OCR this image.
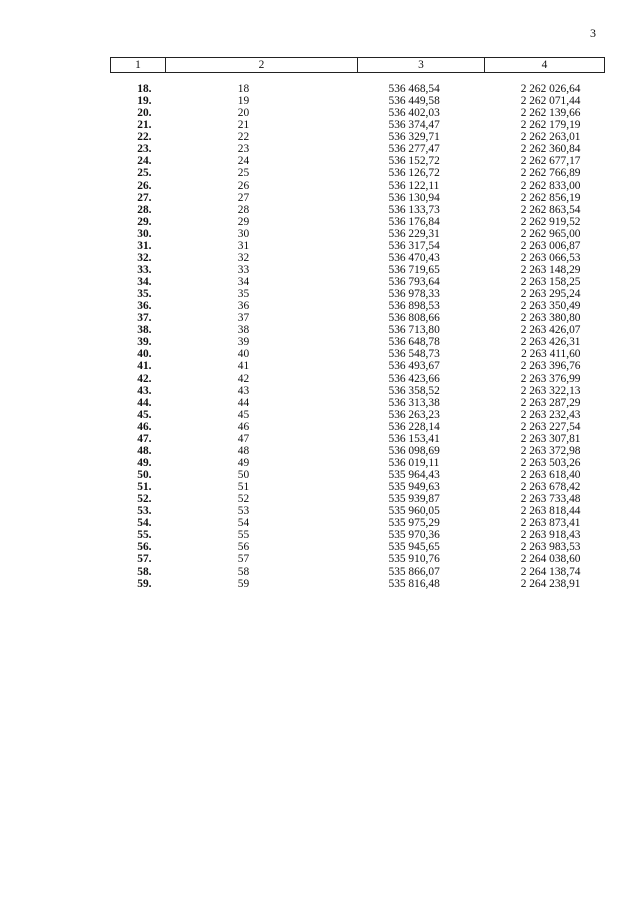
3
1	2	3	4

18.	18	536 468,54	2 262 026,64
19.	19	536 449,58	2 262 071,44
20.	20	536 402,03	2 262 139,66
21.	21	536 374,47	2 262 179,19
22.	22	536 329,71	2 262 263,01
23.	23	536 277,47	2 262 360,84
24.	24	536 152,72	2 262 677,17
25.	25	536 126,72	2 262 766,89
26.	26	536 122,11	2 262 833,00
27.	27	536 130,94	2 262 856,19
28.	28	536 133,73	2 262 863,54
29.	29	536 176,84	2 262 919,52
30.	30	536 229,31	2 262 965,00
31.	31	536 317,54	2 263 006,87
32.	32	536 470,43	2 263 066,53
33.	33	536 719,65	2 263 148,29
34.	34	536 793,64	2 263 158,25
35.	35	536 978,33	2 263 295,24
36.	36	536 898,53	2 263 350,49
37.	37	536 808,66	2 263 380,80
38.	38	536 713,80	2 263 426,07
39.	39	536 648,78	2 263 426,31
40.	40	536 548,73	2 263 411,60
41.	41	536 493,67	2 263 396,76
42.	42	536 423,66	2 263 376,99
43.	43	536 358,52	2 263 322,13
44.	44	536 313,38	2 263 287,29
45.	45	536 263,23	2 263 232,43
46.	46	536 228,14	2 263 227,54
47.	47	536 153,41	2 263 307,81
48.	48	536 098,69	2 263 372,98
49.	49	536 019,11	2 263 503,26
50.	50	535 964,43	2 263 618,40
51.	51	535 949,63	2 263 678,42
52.	52	535 939,87	2 263 733,48
53.	53	535 960,05	2 263 818,44
54.	54	535 975,29	2 263 873,41
55.	55	535 970,36	2 263 918,43
56.	56	535 945,65	2 263 983,53
57.	57	535 910,76	2 264 038,60
58.	58	535 866,07	2 264 138,74
59.	59	535 816,48	2 264 238,91
